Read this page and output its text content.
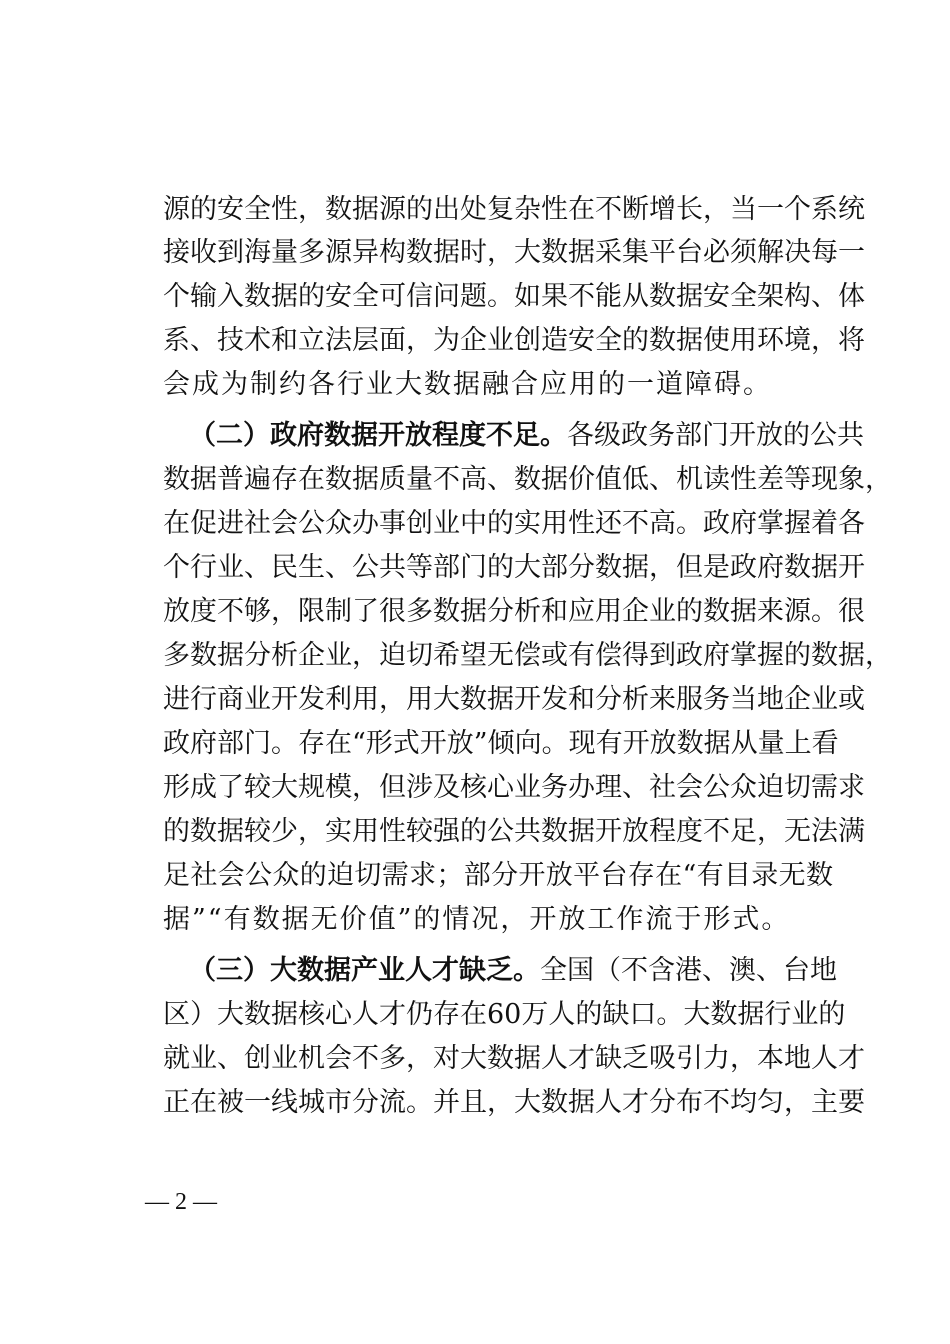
源的安全性，数据源的出处复杂性在不断增长，当一个系统
接收到海量多源异构数据时，大数据采集平台必须解决每一
个输入数据的安全可信问题。如果不能从数据安全架构、体
系、技术和立法层面，为企业创造安全的数据使用环境，将
会成为制约各行业大数据融合应用的一道障碍。
（二）政府数据开放程度不足。各级政务部门开放的公共
数据普遍存在数据质量不高、数据价值低、机读性差等现象，
在促进社会公众办事创业中的实用性还不高。政府掌握着各
个行业、民生、公共等部门的大部分数据，但是政府数据开
放度不够，限制了很多数据分析和应用企业的数据来源。很
多数据分析企业，迫切希望无偿或有偿得到政府掌握的数据，
进行商业开发利用，用大数据开发和分析来服务当地企业或
政府部门。存在“形式开放”倾向。现有开放数据从量上看
形成了较大规模，但涉及核心业务办理、社会公众迫切需求
的数据较少，实用性较强的公共数据开放程度不足，无法满
足社会公众的迫切需求；部分开放平台存在“有目录无数
据”“有数据无价值”的情况，开放工作流于形式。
（三）大数据产业人才缺乏。全国（不含港、澳、台地
区）大数据核心人才仍存在60万人的缺口。大数据行业的
就业、创业机会不多，对大数据人才缺乏吸引力，本地人才
正在被一线城市分流。并且，大数据人才分布不均匀，主要
— 2 —
